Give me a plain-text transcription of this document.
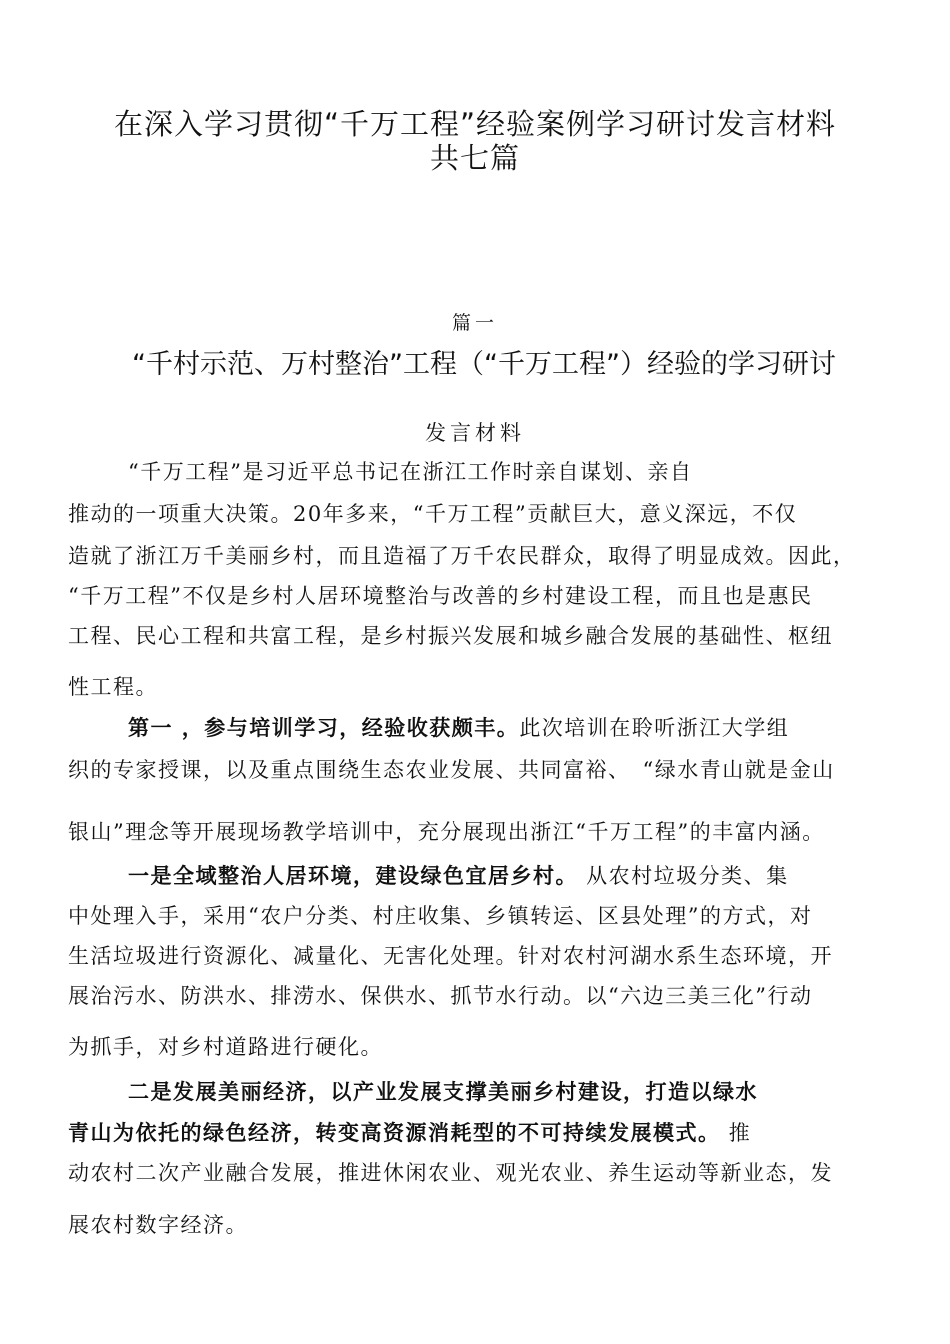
在深入学习贯彻“千万工程”经验案例学习研讨发言材料
共七篇
篇一
“千村示范、万村整治”工程（“千万工程”）经验的学习研讨
发言材料
“千万工程”是习近平总书记在浙江工作时亲自谋划、亲自
推动的一项重大决策。20年多来，“千万工程”贡献巨大，意义深远，不仅
造就了浙江万千美丽乡村，而且造福了万千农民群众，取得了明显成效。因此，
“千万工程”不仅是乡村人居环境整治与改善的乡村建设工程，而且也是惠民
工程、民心工程和共富工程，是乡村振兴发展和城乡融合发展的基础性、枢纽
性工程。
第一 ，参与培训学习，经验收获颇丰。此次培训在聆听浙江大学组
织的专家授课，以及重点围绕生态农业发展、共同富裕、　“绿水青山就是金山
银山”理念等开展现场教学培训中，充分展现出浙江“千万工程”的丰富内涵。
一是全域整治人居环境，建设绿色宜居乡村。 从农村垃圾分类、集
中处理入手，采用“农户分类、村庄收集、乡镇转运、区县处理”的方式，对
生活垃圾进行资源化、减量化、无害化处理。针对农村河湖水系生态环境，开
展治污水、防洪水、排涝水、保供水、抓节水行动。以“六边三美三化”行动
为抓手，对乡村道路进行硬化。
二是发展美丽经济，以产业发展支撑美丽乡村建设，打造以绿水
青山为依托的绿色经济，转变高资源消耗型的不可持续发展模式。 推
动农村二次产业融合发展，推进休闲农业、观光农业、养生运动等新业态，发
展农村数字经济。
